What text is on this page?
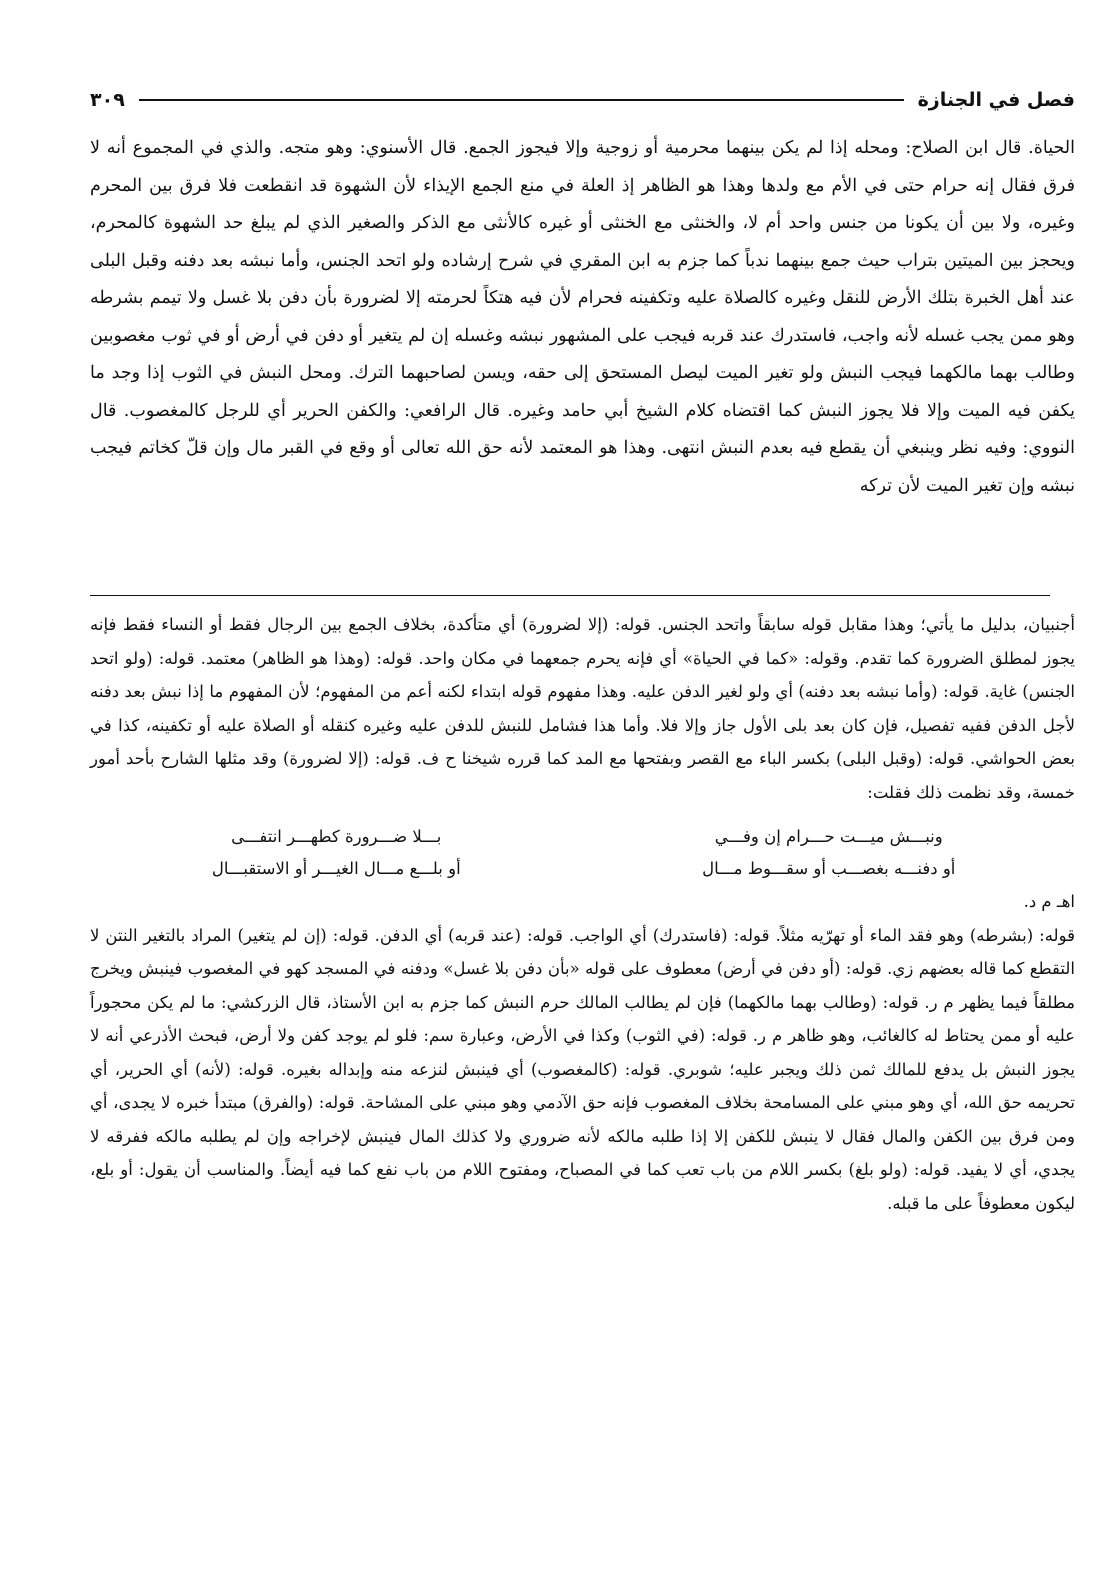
فصل في الجنازة
٣٠٩

الحياة. قال ابن الصلاح: ومحله إذا لم يكن بينهما محرمية أو زوجية وإلا فيجوز الجمع. قال الأسنوي: وهو متجه. والذي في المجموع أنه لا فرق فقال إنه حرام حتى في الأم مع ولدها وهذا هو الظاهر إذ العلة في منع الجمع الإيذاء لأن الشهوة قد انقطعت فلا فرق بين المحرم وغيره، ولا بين أن يكونا من جنس واحد أم لا، والخنثى مع الخنثى أو غيره كالأنثى مع الذكر والصغير الذي لم يبلغ حد الشهوة كالمحرم، ويحجز بين الميتين بتراب حيث جمع بينهما ندباً كما جزم به ابن المقري في شرح إرشاده ولو اتحد الجنس، وأما نبشه بعد دفنه وقبل البلى عند أهل الخبرة بتلك الأرض للنقل وغيره كالصلاة عليه وتكفينه فحرام لأن فيه هتكاً لحرمته إلا لضرورة بأن دفن بلا غسل ولا تيمم بشرطه وهو ممن يجب غسله لأنه واجب، فاستدرك عند قربه فيجب على المشهور نبشه وغسله إن لم يتغير أو دفن في أرض أو في ثوب مغصوبين وطالب بهما مالكهما فيجب النبش ولو تغير الميت ليصل المستحق إلى حقه، ويسن لصاحبهما الترك. ومحل النبش في الثوب إذا وجد ما يكفن فيه الميت وإلا فلا يجوز النبش كما اقتضاه كلام الشيخ أبي حامد وغيره. قال الرافعي: والكفن الحرير أي للرجل كالمغصوب. قال النووي: وفيه نظر وينبغي أن يقطع فيه بعدم النبش انتهى. وهذا هو المعتمد لأنه حق الله تعالى أو وقع في القبر مال وإن قلّ كخاتم فيجب نبشه وإن تغير الميت لأن تركه

أجنبيان، بدليل ما يأتي؛ وهذا مقابل قوله سابقاً واتحد الجنس. قوله: (إلا لضرورة) أي متأكدة، بخلاف الجمع بين الرجال فقط أو النساء فقط فإنه يجوز لمطلق الضرورة كما تقدم. وقوله: «كما في الحياة» أي فإنه يحرم جمعهما في مكان واحد. قوله: (وهذا هو الظاهر) معتمد. قوله: (ولو اتحد الجنس) غاية. قوله: (وأما نبشه بعد دفنه) أي ولو لغير الدفن عليه. وهذا مفهوم قوله ابتداء لكنه أعم من المفهوم؛ لأن المفهوم ما إذا نبش بعد دفنه لأجل الدفن ففيه تفصيل، فإن كان بعد بلى الأول جاز وإلا فلا. وأما هذا فشامل للنبش للدفن عليه وغيره كنقله أو الصلاة عليه أو تكفينه، كذا في بعض الحواشي. قوله: (وقبل البلى) بكسر الباء مع القصر وبفتحها مع المد كما قرره شيخنا ح ف. قوله: (إلا لضرورة) وقد مثلها الشارح بأحد أمور خمسة، وقد نظمت ذلك فقلت:

ونبـــش ميـــت حـــرام إن وفـــي
بـــلا ضـــرورة كطهـــر انتفـــى
أو دفنـــه بغصـــب أو سقـــوط مـــال
أو بلـــع مـــال الغيـــر أو الاستقبـــال

اهـ م د.

قوله: (بشرطه) وهو فقد الماء أو تهرّيه مثلاً. قوله: (فاستدرك) أي الواجب. قوله: (عند قربه) أي الدفن. قوله: (إن لم يتغير) المراد بالتغير النتن لا التقطع كما قاله بعضهم زي. قوله: (أو دفن في أرض) معطوف على قوله «بأن دفن بلا غسل» ودفنه في المسجد كهو في المغصوب فينبش ويخرج مطلقاً فيما يظهر م ر. قوله: (وطالب بهما مالكهما) فإن لم يطالب المالك حرم النبش كما جزم به ابن الأستاذ، قال الزركشي: ما لم يكن محجوراً عليه أو ممن يحتاط له كالغائب، وهو ظاهر م ر. قوله: (في الثوب) وكذا في الأرض، وعبارة سم: فلو لم يوجد كفن ولا أرض، فبحث الأذرعي أنه لا يجوز النبش بل يدفع للمالك ثمن ذلك ويجبر عليه؛ شوبري. قوله: (كالمغصوب) أي فينبش لنزعه منه وإبداله بغيره. قوله: (لأنه) أي الحرير، أي تحريمه حق الله، أي وهو مبني على المسامحة بخلاف المغصوب فإنه حق الآدمي وهو مبني على المشاحة. قوله: (والفرق) مبتدأ خبره لا يجدى، أي ومن فرق بين الكفن والمال فقال لا ينبش للكفن إلا إذا طلبه مالكه لأنه ضروري ولا كذلك المال فينبش لإخراجه وإن لم يطلبه مالكه ففرقه لا يجدي، أي لا يفيد. قوله: (ولو بلغ) بكسر اللام من باب تعب كما في المصباح، ومفتوح اللام من باب نفع كما فيه أيضاً. والمناسب أن يقول: أو بلع، ليكون معطوفاً على ما قبله.
